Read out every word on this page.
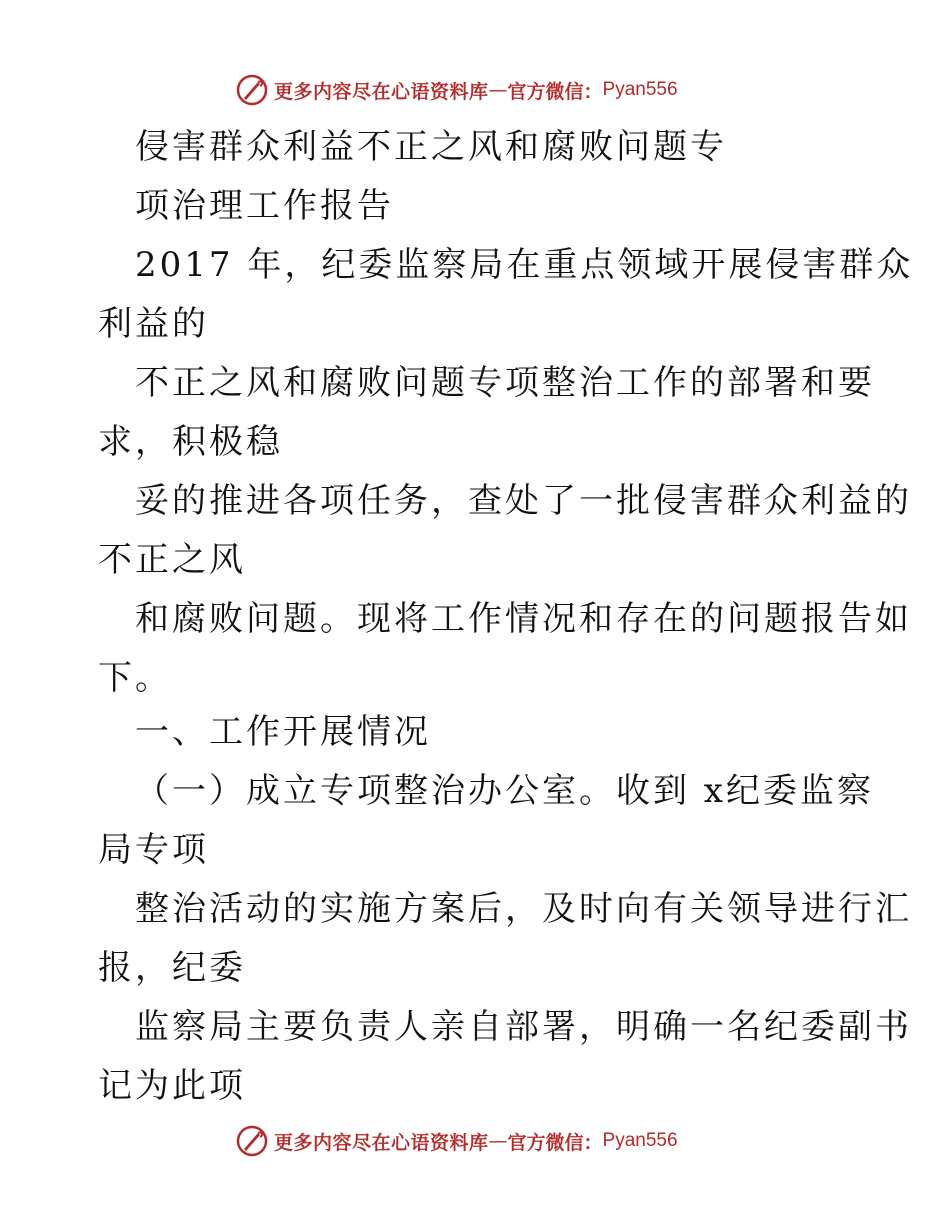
更多内容尽在心语资料库 — 官方微信： Pyan556
侵害群众利益不正之风和腐败问题专
项治理工作报告
2017 年，纪委监察局在重点领域开展侵害群众
利益的
不正之风和腐败问题专项整治工作的部署和要
求，积极稳
妥的推进各项任务，查处了一批侵害群众利益的
不正之风
和腐败问题。现将工作情况和存在的问题报告如
下。
一、工作开展情况
（一）成立专项整治办公室。收到 x纪委监察
局专项
整治活动的实施方案后，及时向有关领导进行汇
报，纪委
监察局主要负责人亲自部署，明确一名纪委副书
记为此项
更多内容尽在心语资料库 — 官方微信： Pyan556
